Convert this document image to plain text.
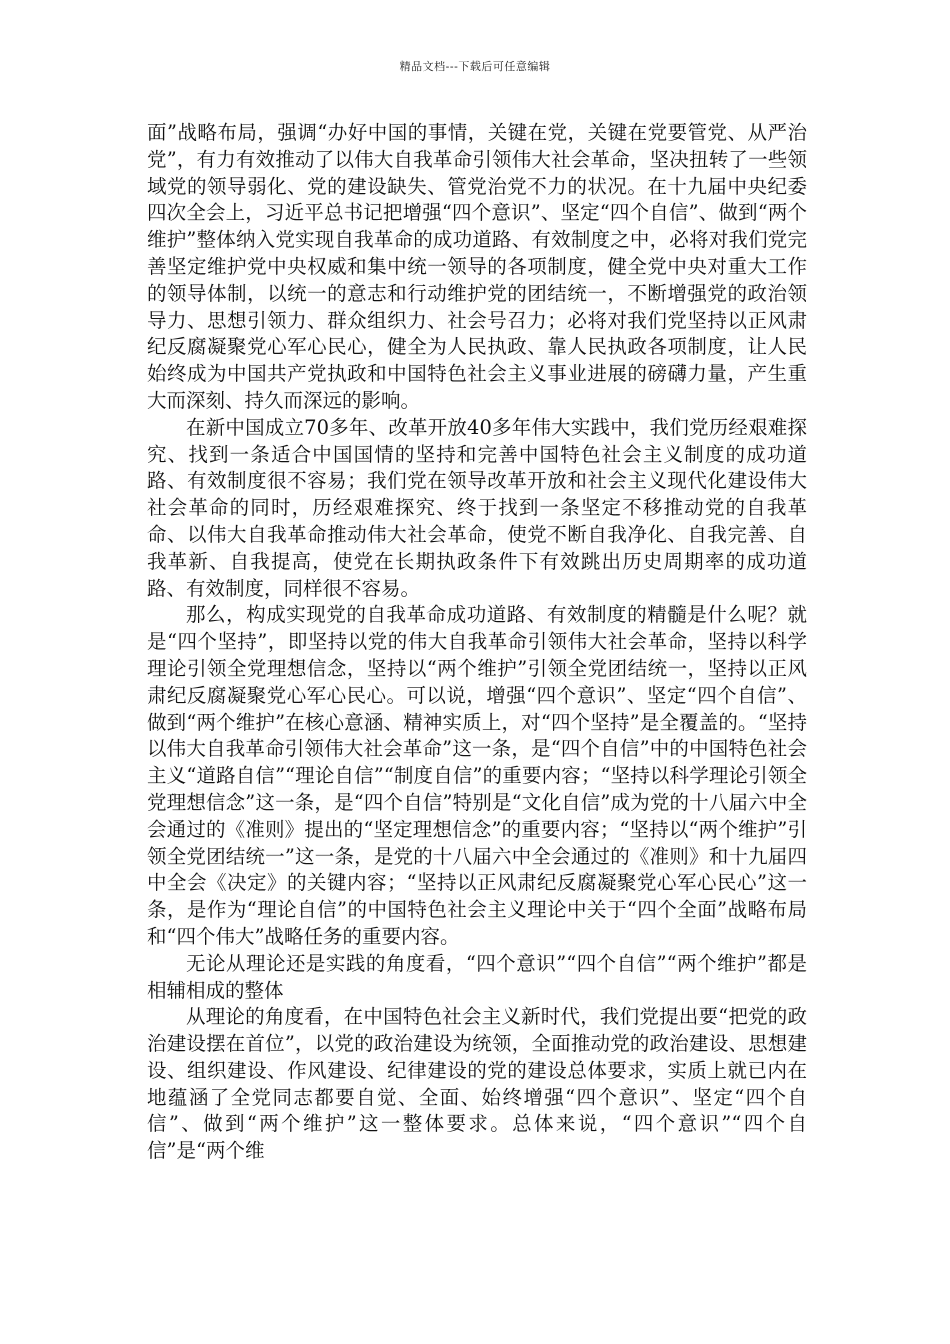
精品文档---下载后可任意编辑

面”战略布局，强调“办好中国的事情，关键在党，关键在党要管党、从严治党”，有力有效推动了以伟大自我革命引领伟大社会革命，坚决扭转了一些领域党的领导弱化、党的建设缺失、管党治党不力的状况。在十九届中央纪委四次全会上，习近平总书记把增强“四个意识”、坚定“四个自信”、做到“两个维护”整体纳入党实现自我革命的成功道路、有效制度之中，必将对我们党完善坚定维护党中央权威和集中统一领导的各项制度，健全党中央对重大工作的领导体制，以统一的意志和行动维护党的团结统一，不断增强党的政治领导力、思想引领力、群众组织力、社会号召力；必将对我们党坚持以正风肃纪反腐凝聚党心军心民心，健全为人民执政、靠人民执政各项制度，让人民始终成为中国共产党执政和中国特色社会主义事业进展的磅礴力量，产生重大而深刻、持久而深远的影响。

在新中国成立70多年、改革开放40多年伟大实践中，我们党历经艰难探究、找到一条适合中国国情的坚持和完善中国特色社会主义制度的成功道路、有效制度很不容易；我们党在领导改革开放和社会主义现代化建设伟大社会革命的同时，历经艰难探究、终于找到一条坚定不移推动党的自我革命、以伟大自我革命推动伟大社会革命，使党不断自我净化、自我完善、自我革新、自我提高，使党在长期执政条件下有效跳出历史周期率的成功道路、有效制度，同样很不容易。

那么，构成实现党的自我革命成功道路、有效制度的精髓是什么呢？就是“四个坚持”，即坚持以党的伟大自我革命引领伟大社会革命，坚持以科学理论引领全党理想信念，坚持以“两个维护”引领全党团结统一，坚持以正风肃纪反腐凝聚党心军心民心。可以说，增强“四个意识”、坚定“四个自信”、做到“两个维护”在核心意涵、精神实质上，对“四个坚持”是全覆盖的。“坚持以伟大自我革命引领伟大社会革命”这一条，是“四个自信”中的中国特色社会主义“道路自信”“理论自信”“制度自信”的重要内容；“坚持以科学理论引领全党理想信念”这一条，是“四个自信”特别是“文化自信”成为党的十八届六中全会通过的《准则》提出的“坚定理想信念”的重要内容；“坚持以“两个维护”引领全党团结统一”这一条，是党的十八届六中全会通过的《准则》和十九届四中全会《决定》的关键内容；“坚持以正风肃纪反腐凝聚党心军心民心”这一条，是作为“理论自信”的中国特色社会主义理论中关于“四个全面”战略布局和“四个伟大”战略任务的重要内容。

无论从理论还是实践的角度看，“四个意识”“四个自信”“两个维护”都是相辅相成的整体

从理论的角度看，在中国特色社会主义新时代，我们党提出要“把党的政治建设摆在首位”，以党的政治建设为统领，全面推动党的政治建设、思想建设、组织建设、作风建设、纪律建设的党的建设总体要求，实质上就已内在地蕴涵了全党同志都要自觉、全面、始终增强“四个意识”、坚定“四个自信”、做到“两个维护”这一整体要求。总体来说，“四个意识”“四个自信”是“两个维
